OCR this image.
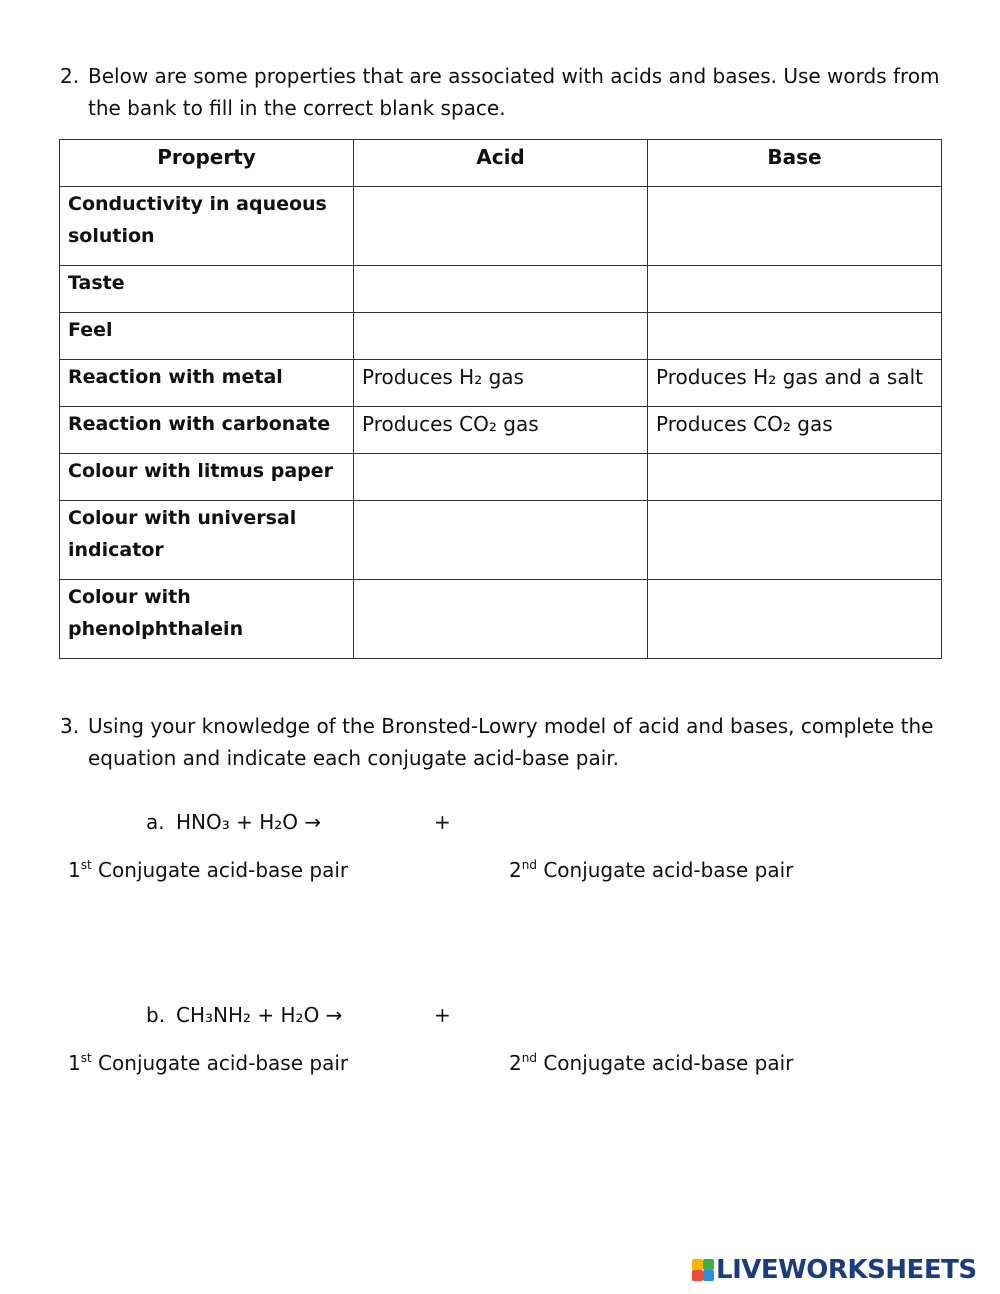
2. Below are some properties that are associated with acids and bases. Use words from the bank to fill in the correct blank space.
Property	Acid	Base
Conductivity in aqueous solution		
Taste		
Feel		
Reaction with metal	Produces H₂ gas	Produces H₂ gas and a salt
Reaction with carbonate	Produces CO₂ gas	Produces CO₂ gas
Colour with litmus paper		
Colour with universal indicator		
Colour with phenolphthalein		
3. Using your knowledge of the Bronsted-Lowry model of acid and bases, complete the equation and indicate each conjugate acid-base pair.
a. HNO₃ + H₂O →	+
1st Conjugate acid-base pair	2nd Conjugate acid-base pair
b. CH₃NH₂ + H₂O →	+
1st Conjugate acid-base pair	2nd Conjugate acid-base pair
LIVEWORKSHEETS
